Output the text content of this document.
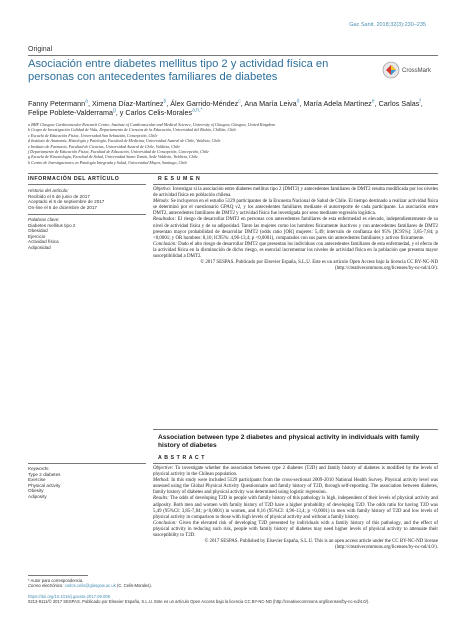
Gac Sanit. 2018;32(3):230–235
Original
Asociación entre diabetes mellitus tipo 2 y actividad física en personas con antecedentes familiares de diabetes	CrossMark
Fanny Petermann$^a$, Ximena Díaz-Martínez$^b$, Álex Garrido-Méndez$^c$, Ana María Leiva$^d$, María Adela Martínez$^e$, Carlos Salas$^f$, Felipe Poblete-Valderrama$^g$, y Carlos Celis-Morales$^{a,h,*}$
a BHF Glasgow Cardiovascular Research Centre, Institute of Cardiovascular and Medical Science, University of Glasgow, Glasgow, United Kingdom
b Grupo de Investigación Calidad de Vida, Departamento de Ciencias de la Educación, Universidad del Biobío, Chillán, Chile
c Escuela de Educación Física, Universidad San Sebastián, Concepción, Chile
d Instituto de Anatomía, Histología y Patología, Facultad de Medicina, Universidad Austral de Chile, Valdivia, Chile
e Instituto de Farmacia, Facultad de Ciencias, Universidad Austral de Chile, Valdivia, Chile
f Departamento de Educación Física, Facultad de Educación, Universidad de Concepción, Concepción, Chile
g Escuela de Kinesiología, Facultad de Salud, Universidad Santo Tomás, Sede Valdivia, Valdivia, Chile
h Centro de Investigaciones en Patología Integrada y Salud, Universidad Mayor, Santiago, Chile
INFORMACIÓN DEL ARTÍCULO
Historia del artículo:
Recibido el 6 de junio de 2017
Aceptado el 5 de septiembre de 2017
On-line el 6 de diciembre de 2017
Palabras clave:
Diabetes mellitus tipo 2
Obesidad
Ejercicio
Actividad física
Adiposidad
R E S U M E N
Objetivo: Investigar si la asociación entre diabetes mellitus tipo 2 (DMT2) y antecedentes familiares de DMT2 resulta modificada por los niveles de actividad física en población chilena.
Método: Se incluyeron en el estudio 5129 participantes de la Encuesta Nacional de Salud de Chile. El tiempo destinado a realizar actividad física se determinó por el cuestionario GPAQ v2, y los antecedentes familiares mediante el autorreporte de cada participante. La asociación entre DMT2, antecedentes familiares de DMT2 y actividad física fue investigada por seno mediante regresión logística.
Resultados: El riesgo de desarrollar DMT2 en personas con antecedentes familiares de esta enfermedad es elevado, independientemente de su nivel de actividad física y de su adiposidad. Tanto las mujeres como los hombres físicamente inactivos y con antecedentes familiares de DMT2 presentan mayor probabilidad de desarrollar DMT2 (odds ratio [OR] mujeres: 5,49; intervalo de confianza del 95% [IC95%]: 3,85-7,84; p <0,0001; y OR hombres: 8,16; IC95%: 4,96-13,4; p <0,0001), comparados con sus pares sin antecedentes familiares y activos físicamente.
Conclusión: Dado el alto riesgo de desarrollar DMT2 que presentan los individuos con antecedentes familiares de esta enfermedad, y el efecto de la actividad física en la disminución de dicho riesgo, es esencial incrementar los niveles de actividad física en la población que presenta mayor susceptibilidad a DMT2.
© 2017 SESPAS. Publicado por Elsevier España, S.L.U. Este es un artículo Open Access bajo la licencia CC BY-NC-ND (http://creativecommons.org/licenses/by-nc-nd/4.0/).
Association between type 2 diabetes and physical activity in individuals with family history of diabetes
A B S T R A C T
Objective: To investigate whether the association between type 2 diabetes (T2D) and family history of diabetes is modified by the levels of physical activity in the Chilean population.
Method: In this study were included 5129 participants from the cross-sectional 2009-2010 National Health Survey. Physical activity level was assessed using the Global Physical Activity Questionnaire and family history of T2D, through self-reporting. The association between diabetes, family history of diabetes and physical activity was determined using logistic regression.
Results: The odds of developing T2D in people with family history of this pathology is high, independent of their levels of physical activity and adiposity. Both men and women with family history of T2D have a higher probability of developing T2D. The odds ratio for having T2D was 5,49 (95%CI: 3,85-7,84; p<0,0001) in women, and 8,16 (95%CI: 4,96-13,4; p <0,0001) in men with family history of T2D and low levels of physical activity in comparison to those with high levels of physical activity and without a family history.
Conclusion: Given the elevated risk of developing T2D presented by individuals with a family history of this pathology, and the effect of physical activity in reducing such risk, people with family history of diabetes may need higher levels of physical activity to attenuate their susceptibility to T2D.
© 2017 SESPAS. Published by Elsevier España, S.L.U. This is an open access article under the CC BY-NC-ND license (http://creativecommons.org/licenses/by-nc-nd/4.0/).
Keywords:
Type 2 diabetes
Exercise
Physical activity
Obesity
Adiposity
* Autor para correspondencia.
Correo electrónico: carlos.celis@glasgow.ac.uk (C. Celis-Morales).
https://doi.org/10.1016/j.gaceta.2017.09.008
0213-9111/© 2017 SESPAS. Publicado por Elsevier España, S.L.U. Este es un artículo Open Access bajo la licencia CC BY-NC-ND (http://creativecommons.org/licenses/by-nc-nd/4.0/).
